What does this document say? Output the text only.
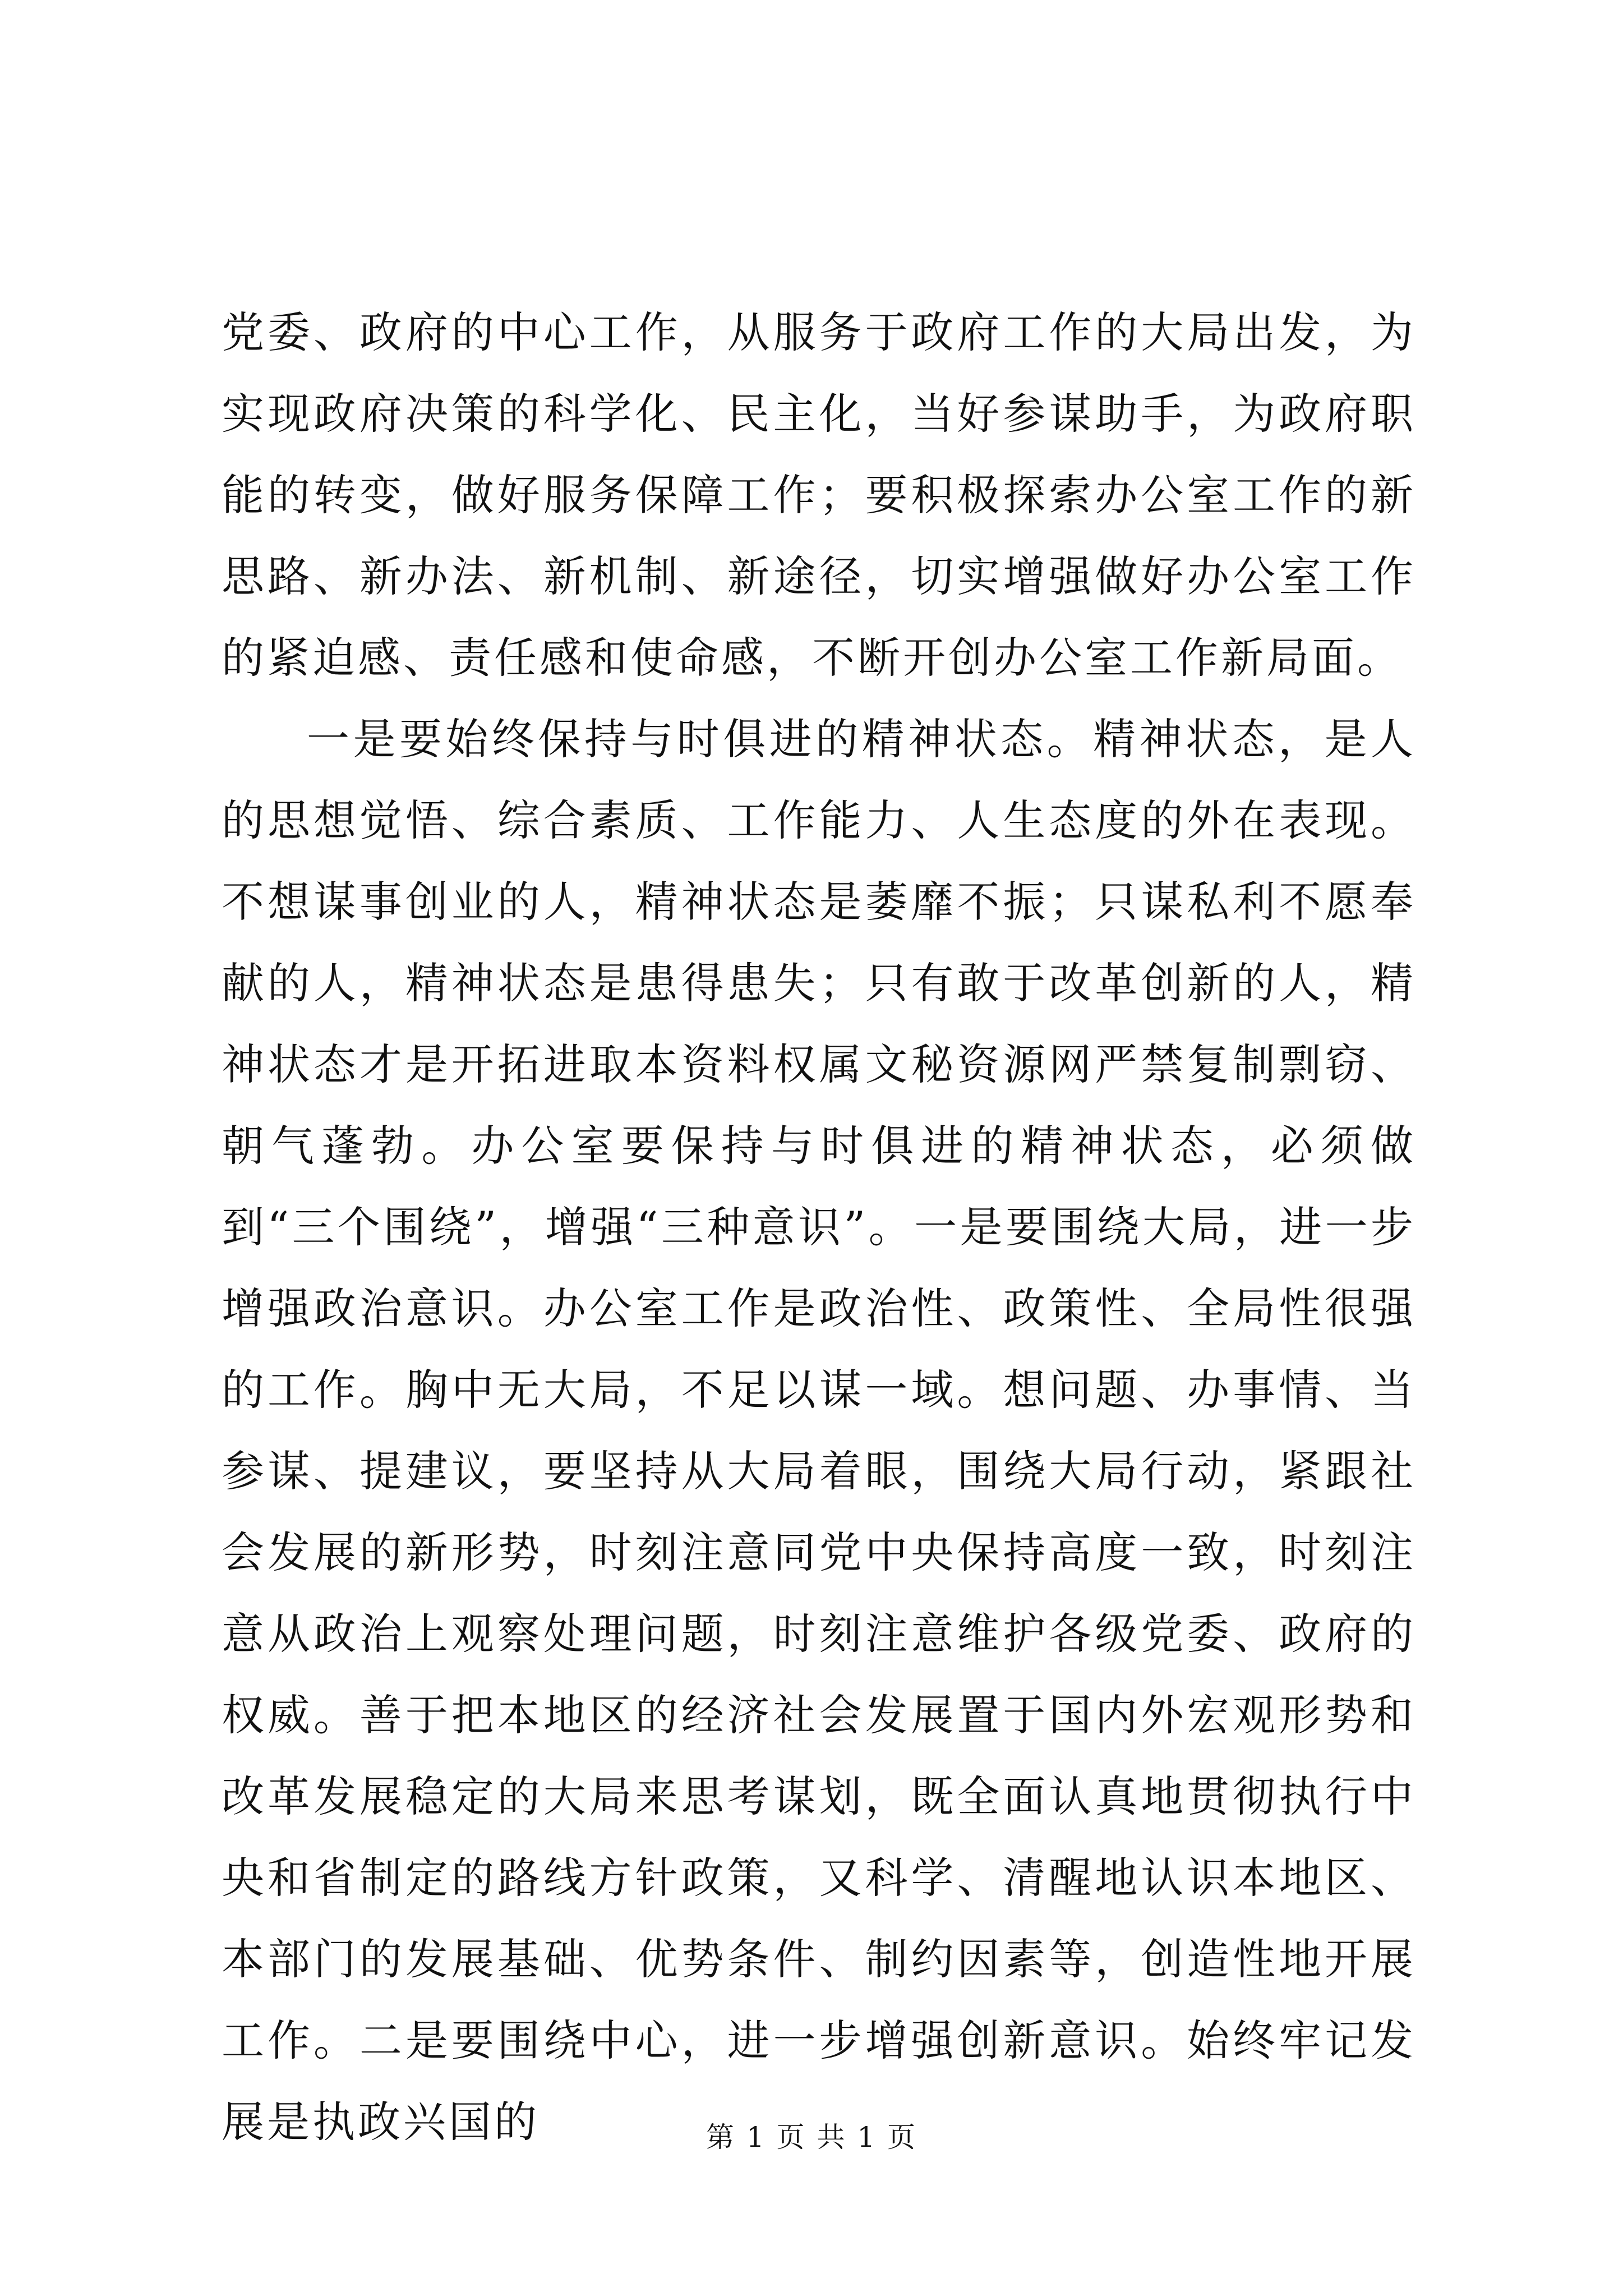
党委、政府的中心工作，从服务于政府工作的大局出发，为实现政府决策的科学化、民主化，当好参谋助手，为政府职能的转变，做好服务保障工作；要积极探索办公室工作的新思路、新办法、新机制、新途径，切实增强做好办公室工作的紧迫感、责任感和使命感，不断开创办公室工作新局面。

一是要始终保持与时俱进的精神状态。精神状态，是人的思想觉悟、综合素质、工作能力、人生态度的外在表现。不想谋事创业的人，精神状态是萎靡不振；只谋私利不愿奉献的人，精神状态是患得患失；只有敢于改革创新的人，精神状态才是开拓进取本资料权属文秘资源网严禁复制剽窃、朝气蓬勃。办公室要保持与时俱进的精神状态，必须做到“三个围绕”，增强“三种意识”。一是要围绕大局，进一步增强政治意识。办公室工作是政治性、政策性、全局性很强的工作。胸中无大局，不足以谋一域。想问题、办事情、当参谋、提建议，要坚持从大局着眼，围绕大局行动，紧跟社会发展的新形势，时刻注意同党中央保持高度一致，时刻注意从政治上观察处理问题，时刻注意维护各级党委、政府的权威。善于把本地区的经济社会发展置于国内外宏观形势和改革发展稳定的大局来思考谋划，既全面认真地贯彻执行中央和省制定的路线方针政策，又科学、清醒地认识本地区、本部门的发展基础、优势条件、制约因素等，创造性地开展工作。二是要围绕中心，进一步增强创新意识。始终牢记发展是执政兴国的	第 1 页 共 1 页
